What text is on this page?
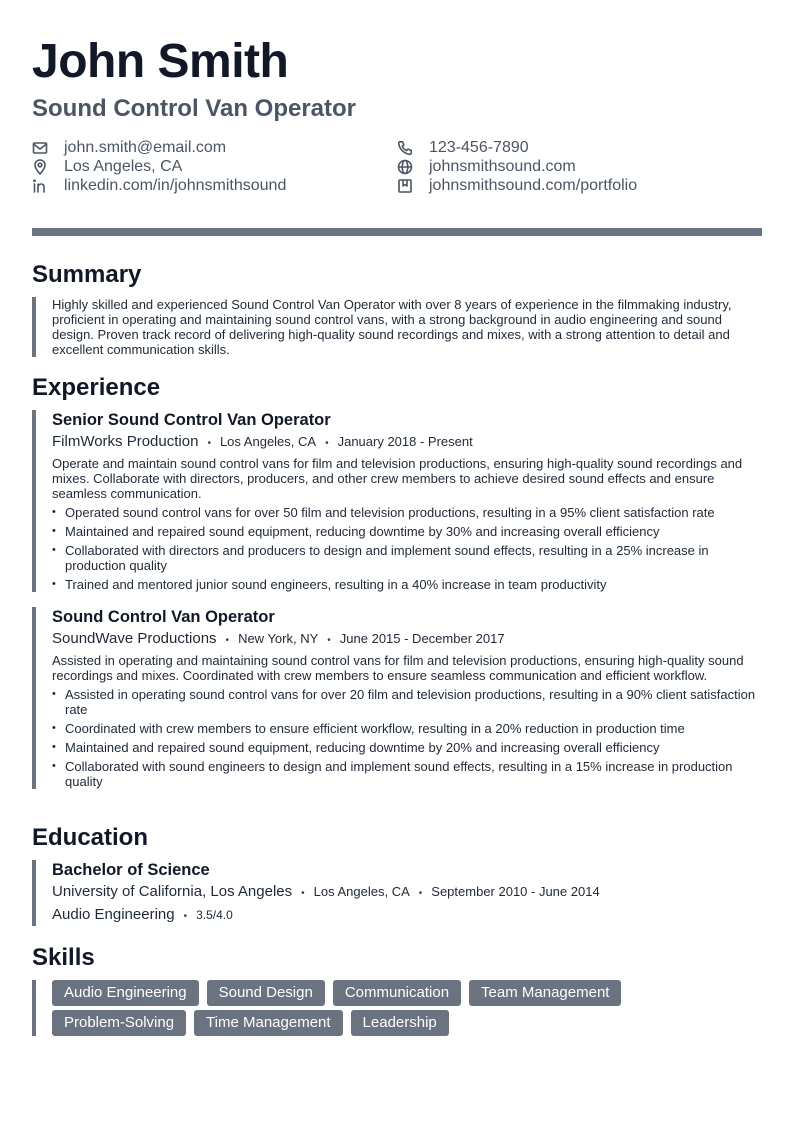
John Smith
Sound Control Van Operator
john.smith@email.com	123-456-7890
Los Angeles, CA	johnsmithsound.com
linkedin.com/in/johnsmithsound	johnsmithsound.com/portfolio
Summary
Highly skilled and experienced Sound Control Van Operator with over 8 years of experience in the filmmaking industry, proficient in operating and maintaining sound control vans, with a strong background in audio engineering and sound design. Proven track record of delivering high-quality sound recordings and mixes, with a strong attention to detail and excellent communication skills.
Experience
Senior Sound Control Van Operator
FilmWorks Production • Los Angeles, CA • January 2018 - Present
Operate and maintain sound control vans for film and television productions, ensuring high-quality sound recordings and mixes. Collaborate with directors, producers, and other crew members to achieve desired sound effects and ensure seamless communication.
• Operated sound control vans for over 50 film and television productions, resulting in a 95% client satisfaction rate
• Maintained and repaired sound equipment, reducing downtime by 30% and increasing overall efficiency
• Collaborated with directors and producers to design and implement sound effects, resulting in a 25% increase in production quality
• Trained and mentored junior sound engineers, resulting in a 40% increase in team productivity
Sound Control Van Operator
SoundWave Productions • New York, NY • June 2015 - December 2017
Assisted in operating and maintaining sound control vans for film and television productions, ensuring high-quality sound recordings and mixes. Coordinated with crew members to ensure seamless communication and efficient workflow.
• Assisted in operating sound control vans for over 20 film and television productions, resulting in a 90% client satisfaction rate
• Coordinated with crew members to ensure efficient workflow, resulting in a 20% reduction in production time
• Maintained and repaired sound equipment, reducing downtime by 20% and increasing overall efficiency
• Collaborated with sound engineers to design and implement sound effects, resulting in a 15% increase in production quality
Education
Bachelor of Science
University of California, Los Angeles • Los Angeles, CA • September 2010 - June 2014
Audio Engineering • 3.5/4.0
Skills
Audio Engineering	Sound Design	Communication	Team Management
Problem-Solving	Time Management	Leadership
